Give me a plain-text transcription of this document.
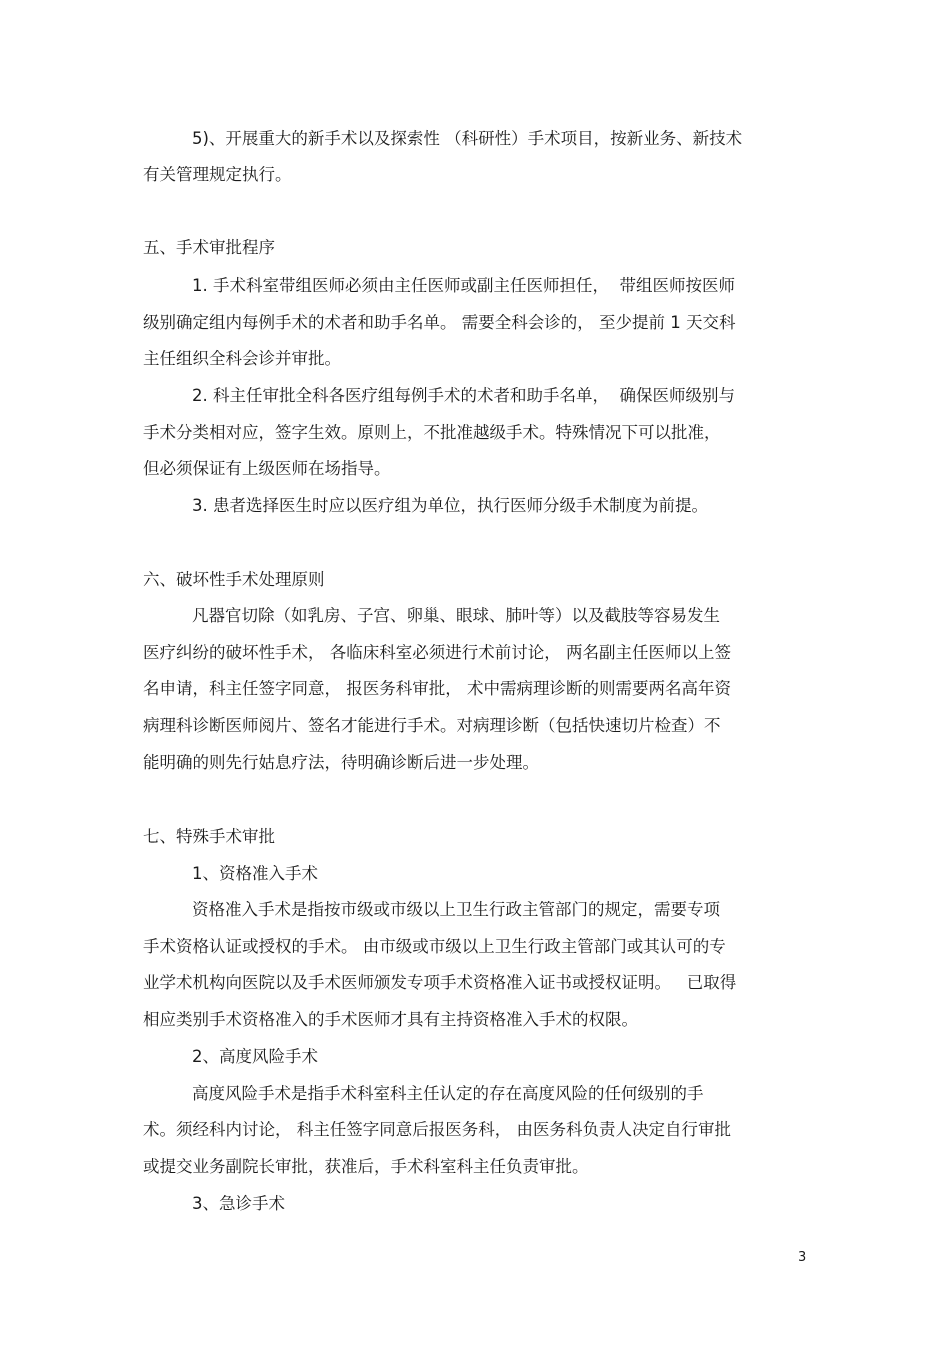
5)、开展重大的新手术以及探索性 （科研性）手术项目，按新业务、新技术
有关管理规定执行。
五、手术审批程序
1. 手术科室带组医师必须由主任医师或副主任医师担任，  带组医师按医师
级别确定组内每例手术的术者和助手名单。 需要全科会诊的， 至少提前 1 天交科
主任组织全科会诊并审批。
2. 科主任审批全科各医疗组每例手术的术者和助手名单，  确保医师级别与
手术分类相对应，签字生效。原则上，不批准越级手术。特殊情况下可以批准，
但必须保证有上级医师在场指导。
3. 患者选择医生时应以医疗组为单位，执行医师分级手术制度为前提。
六、破坏性手术处理原则
凡器官切除（如乳房、子宫、卵巢、眼球、肺叶等）以及截肢等容易发生
医疗纠纷的破坏性手术， 各临床科室必须进行术前讨论， 两名副主任医师以上签
名申请，科主任签字同意， 报医务科审批， 术中需病理诊断的则需要两名高年资
病理科诊断医师阅片、签名才能进行手术。对病理诊断（包括快速切片检查）不
能明确的则先行姑息疗法，待明确诊断后进一步处理。
七、特殊手术审批
1、资格准入手术
资格准入手术是指按市级或市级以上卫生行政主管部门的规定，需要专项
手术资格认证或授权的手术。 由市级或市级以上卫生行政主管部门或其认可的专
业学术机构向医院以及手术医师颁发专项手术资格准入证书或授权证明。   已取得
相应类别手术资格准入的手术医师才具有主持资格准入手术的权限。
2、高度风险手术
高度风险手术是指手术科室科主任认定的存在高度风险的任何级别的手
术。须经科内讨论， 科主任签字同意后报医务科， 由医务科负责人决定自行审批
或提交业务副院长审批，获准后，手术科室科主任负责审批。
3、急诊手术
3
